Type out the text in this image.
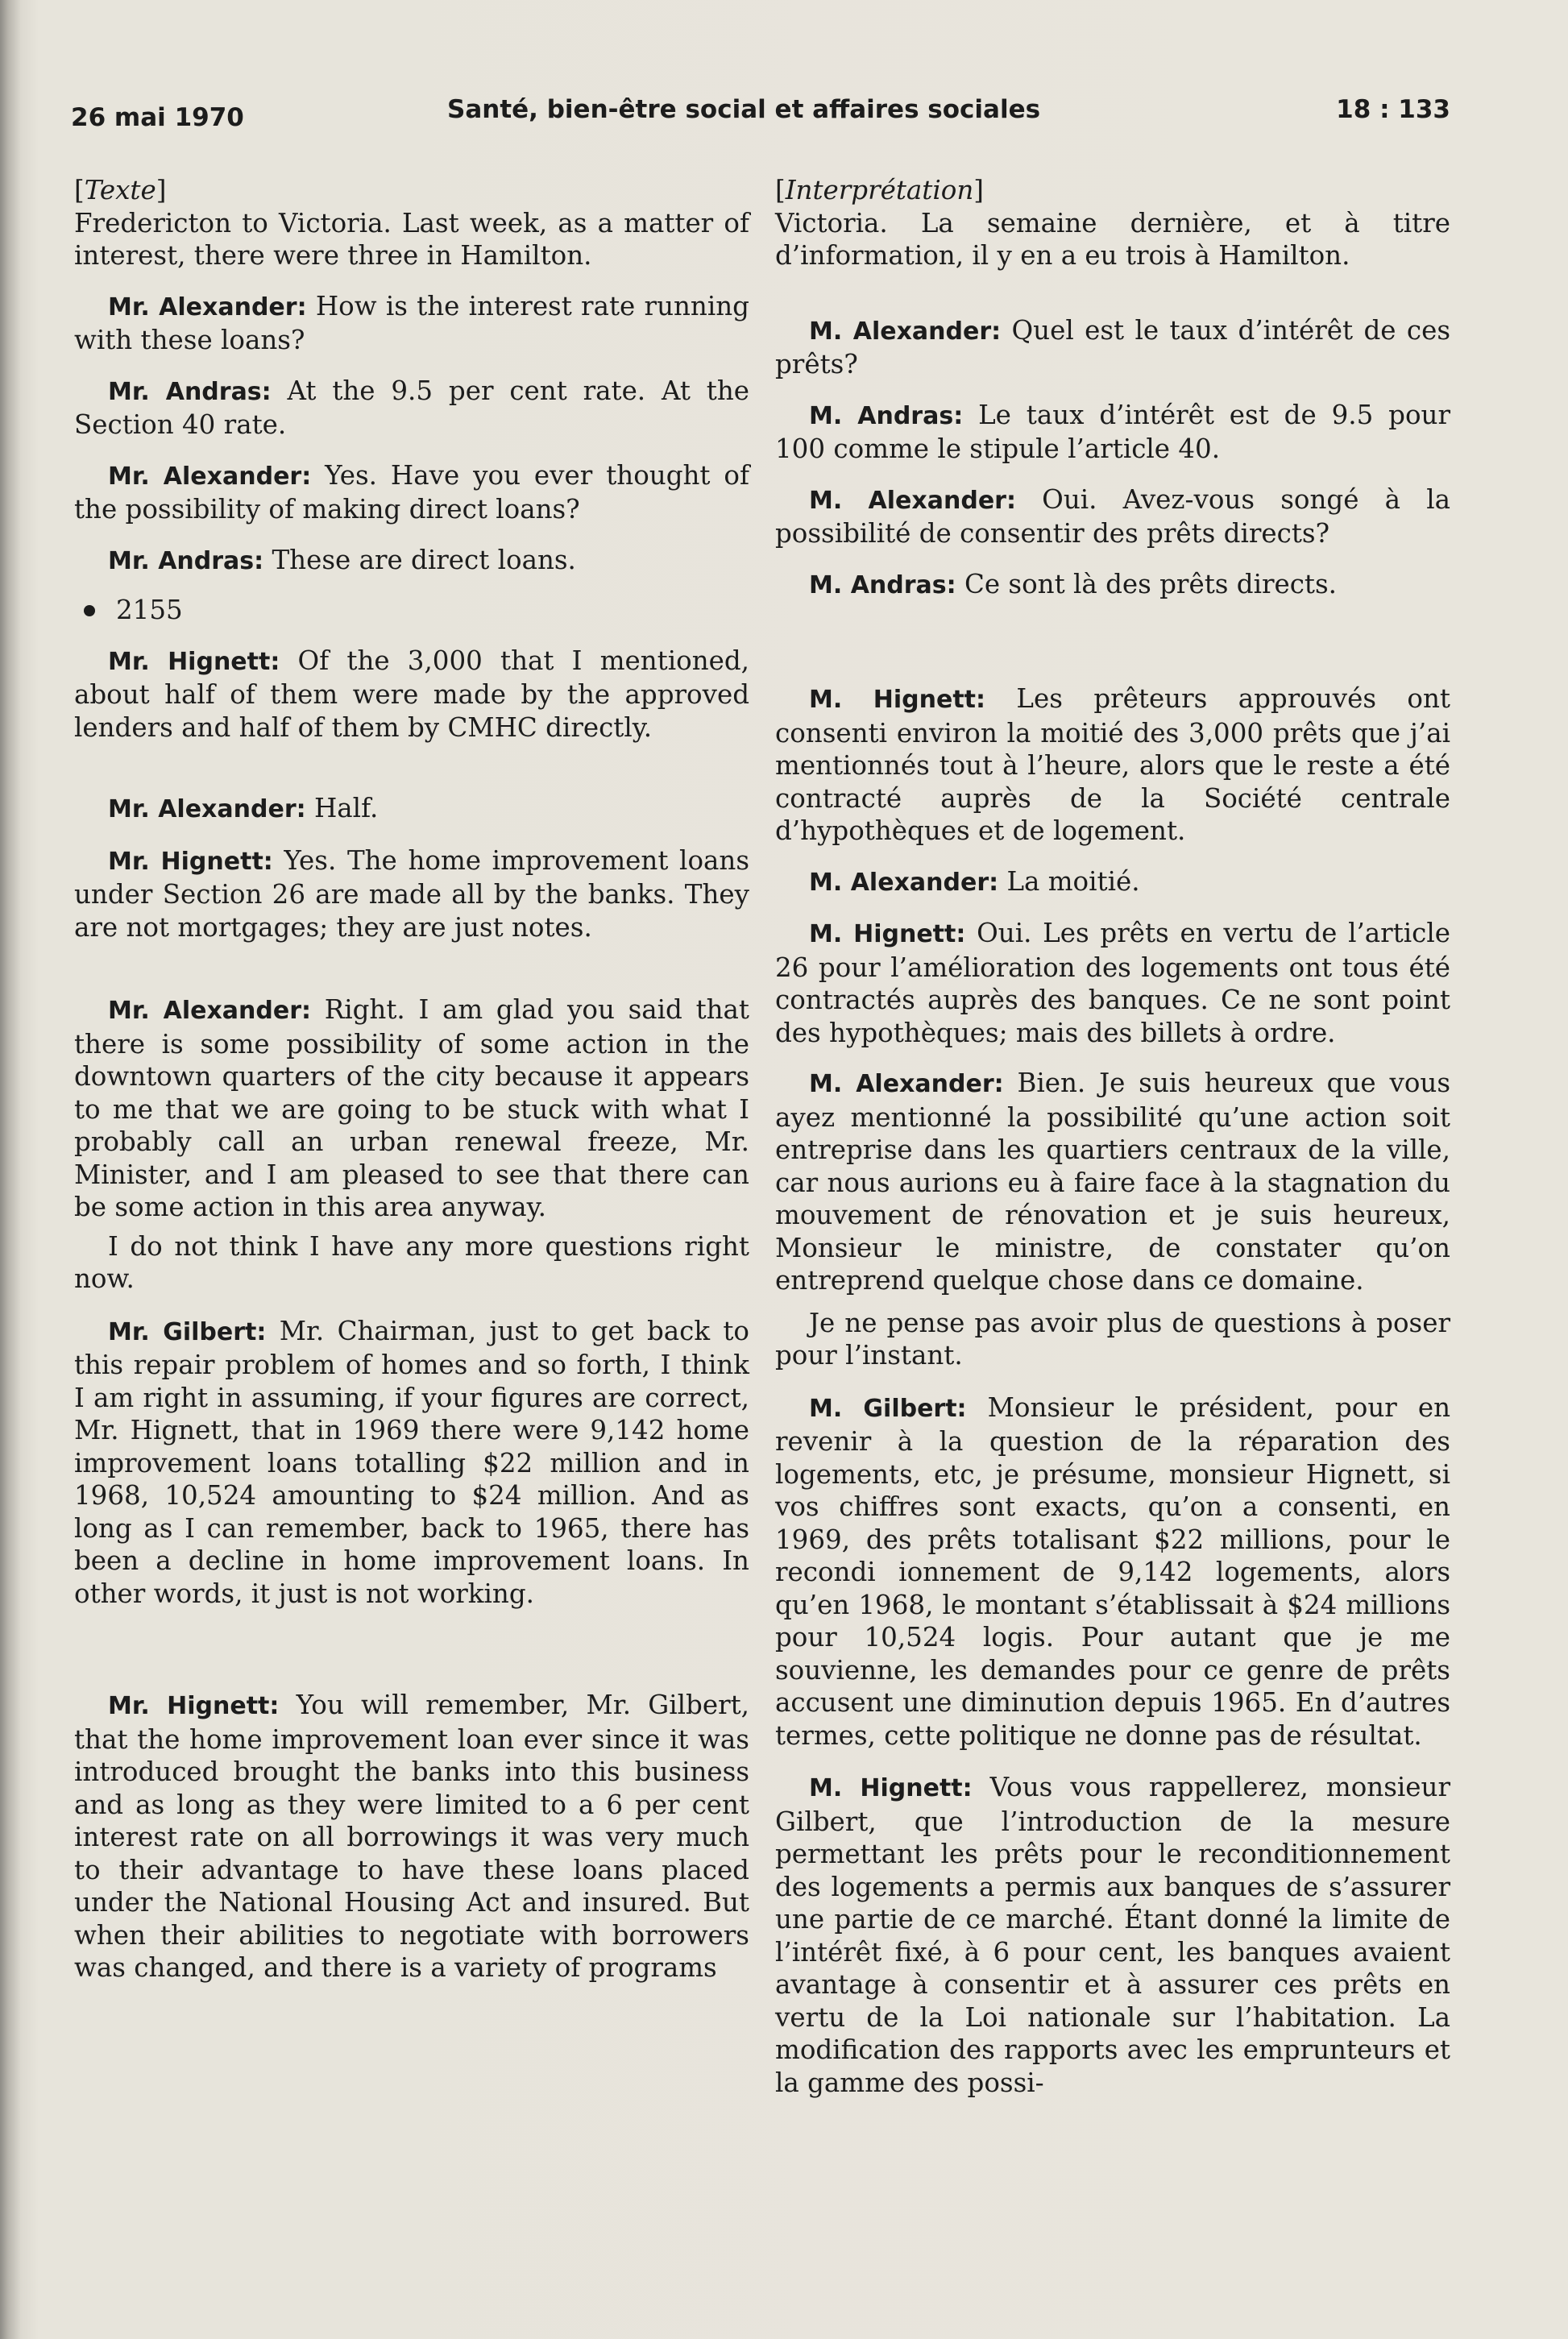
26 mai 1970	Santé, bien-être social et affaires sociales	18 : 133

[Texte]

Fredericton to Victoria. Last week, as a matter of interest, there were three in Hamilton.

Mr. Alexander: How is the interest rate running with these loans?

Mr. Andras: At the 9.5 per cent rate. At the Section 40 rate.

Mr. Alexander: Yes. Have you ever thought of the possibility of making direct loans?

Mr. Andras: These are direct loans.

2155

Mr. Hignett: Of the 3,000 that I mentioned, about half of them were made by the approved lenders and half of them by CMHC directly.

Mr. Alexander: Half.

Mr. Hignett: Yes. The home improvement loans under Section 26 are made all by the banks. They are not mortgages; they are just notes.

Mr. Alexander: Right. I am glad you said that there is some possibility of some action in the downtown quarters of the city because it appears to me that we are going to be stuck with what I probably call an urban renewal freeze, Mr. Minister, and I am pleased to see that there can be some action in this area anyway.

I do not think I have any more questions right now.

Mr. Gilbert: Mr. Chairman, just to get back to this repair problem of homes and so forth, I think I am right in assuming, if your figures are correct, Mr. Hignett, that in 1969 there were 9,142 home improvement loans totalling $22 million and in 1968, 10,524 amounting to $24 million. And as long as I can remember, back to 1965, there has been a decline in home improvement loans. In other words, it just is not working.

Mr. Hignett: You will remember, Mr. Gilbert, that the home improvement loan ever since it was introduced brought the banks into this business and as long as they were limited to a 6 per cent interest rate on all borrowings it was very much to their advantage to have these loans placed under the National Housing Act and insured. But when their abilities to negotiate with borrowers was changed, and there is a variety of programs

[Interprétation]

Victoria. La semaine dernière, et à titre d’information, il y en a eu trois à Hamilton.

M. Alexander: Quel est le taux d’intérêt de ces prêts?

M. Andras: Le taux d’intérêt est de 9.5 pour 100 comme le stipule l’article 40.

M. Alexander: Oui. Avez-vous songé à la possibilité de consentir des prêts directs?

M. Andras: Ce sont là des prêts directs.

M. Hignett: Les prêteurs approuvés ont consenti environ la moitié des 3,000 prêts que j’ai mentionnés tout à l’heure, alors que le reste a été contracté auprès de la Société centrale d’hypothèques et de logement.

M. Alexander: La moitié.

M. Hignett: Oui. Les prêts en vertu de l’article 26 pour l’amélioration des logements ont tous été contractés auprès des banques. Ce ne sont point des hypothèques; mais des billets à ordre.

M. Alexander: Bien. Je suis heureux que vous ayez mentionné la possibilité qu’une action soit entreprise dans les quartiers centraux de la ville, car nous aurions eu à faire face à la stagnation du mouvement de rénovation et je suis heureux, Monsieur le ministre, de constater qu’on entreprend quelque chose dans ce domaine.

Je ne pense pas avoir plus de questions à poser pour l’instant.

M. Gilbert: Monsieur le président, pour en revenir à la question de la réparation des logements, etc, je présume, monsieur Hignett, si vos chiffres sont exacts, qu’on a consenti, en 1969, des prêts totalisant $22 millions, pour le recondi ionnement de 9,142 logements, alors qu’en 1968, le montant s’établissait à $24 millions pour 10,524 logis. Pour autant que je me souvienne, les demandes pour ce genre de prêts accusent une diminution depuis 1965. En d’autres termes, cette politique ne donne pas de résultat.

M. Hignett: Vous vous rappellerez, monsieur Gilbert, que l’introduction de la mesure permettant les prêts pour le reconditionnement des logements a permis aux banques de s’assurer une partie de ce marché. Étant donné la limite de l’intérêt fixé, à 6 pour cent, les banques avaient avantage à consentir et à assurer ces prêts en vertu de la Loi nationale sur l’habitation. La modification des rapports avec les emprunteurs et la gamme des possi-
